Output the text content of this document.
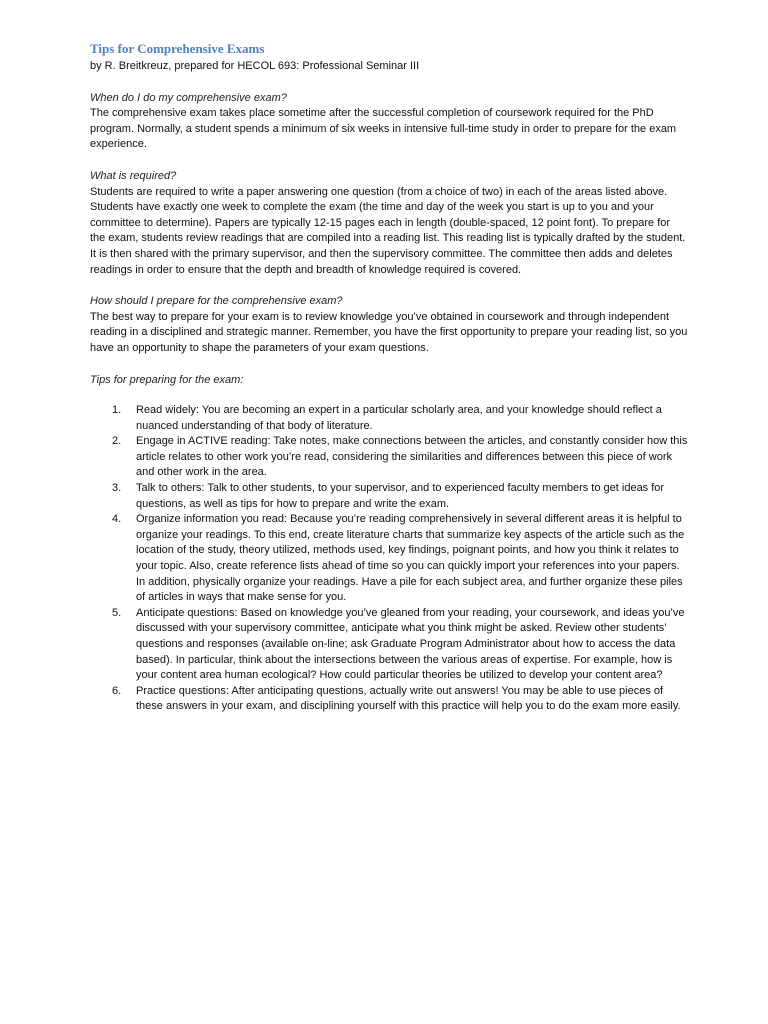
Tips for Comprehensive Exams

by R. Breitkreuz, prepared for HECOL 693: Professional Seminar III

When do I do my comprehensive exam?

The comprehensive exam takes place sometime after the successful completion of coursework required for the PhD program. Normally, a student spends a minimum of six weeks in intensive full-time study in order to prepare for the exam experience.

What is required?

Students are required to write a paper answering one question (from a choice of two) in each of the areas listed above. Students have exactly one week to complete the exam (the time and day of the week you start is up to you and your committee to determine). Papers are typically 12-15 pages each in length (double-spaced, 12 point font). To prepare for the exam, students review readings that are compiled into a reading list. This reading list is typically drafted by the student. It is then shared with the primary supervisor, and then the supervisory committee. The committee then adds and deletes readings in order to ensure that the depth and breadth of knowledge required is covered.

How should I prepare for the comprehensive exam?

The best way to prepare for your exam is to review knowledge you’ve obtained in coursework and through independent reading in a disciplined and strategic manner. Remember, you have the first opportunity to prepare your reading list, so you have an opportunity to shape the parameters of your exam questions.

Tips for preparing for the exam:

1. Read widely: You are becoming an expert in a particular scholarly area, and your knowledge should reflect a nuanced understanding of that body of literature.
2. Engage in ACTIVE reading: Take notes, make connections between the articles, and constantly consider how this article relates to other work you’re read, considering the similarities and differences between this piece of work and other work in the area.
3. Talk to others: Talk to other students, to your supervisor, and to experienced faculty members to get ideas for questions, as well as tips for how to prepare and write the exam.
4. Organize information you read: Because you’re reading comprehensively in several different areas it is helpful to organize your readings. To this end, create literature charts that summarize key aspects of the article such as the location of the study, theory utilized, methods used, key findings, poignant points, and how you think it relates to your topic. Also, create reference lists ahead of time so you can quickly import your references into your papers. In addition, physically organize your readings. Have a pile for each subject area, and further organize these piles of articles in ways that make sense for you.
5. Anticipate questions: Based on knowledge you’ve gleaned from your reading, your coursework, and ideas you’ve discussed with your supervisory committee, anticipate what you think might be asked. Review other students’ questions and responses (available on-line; ask Graduate Program Administrator about how to access the data based). In particular, think about the intersections between the various areas of expertise. For example, how is your content area human ecological? How could particular theories be utilized to develop your content area?
6. Practice questions: After anticipating questions, actually write out answers! You may be able to use pieces of these answers in your exam, and disciplining yourself with this practice will help you to do the exam more easily.
